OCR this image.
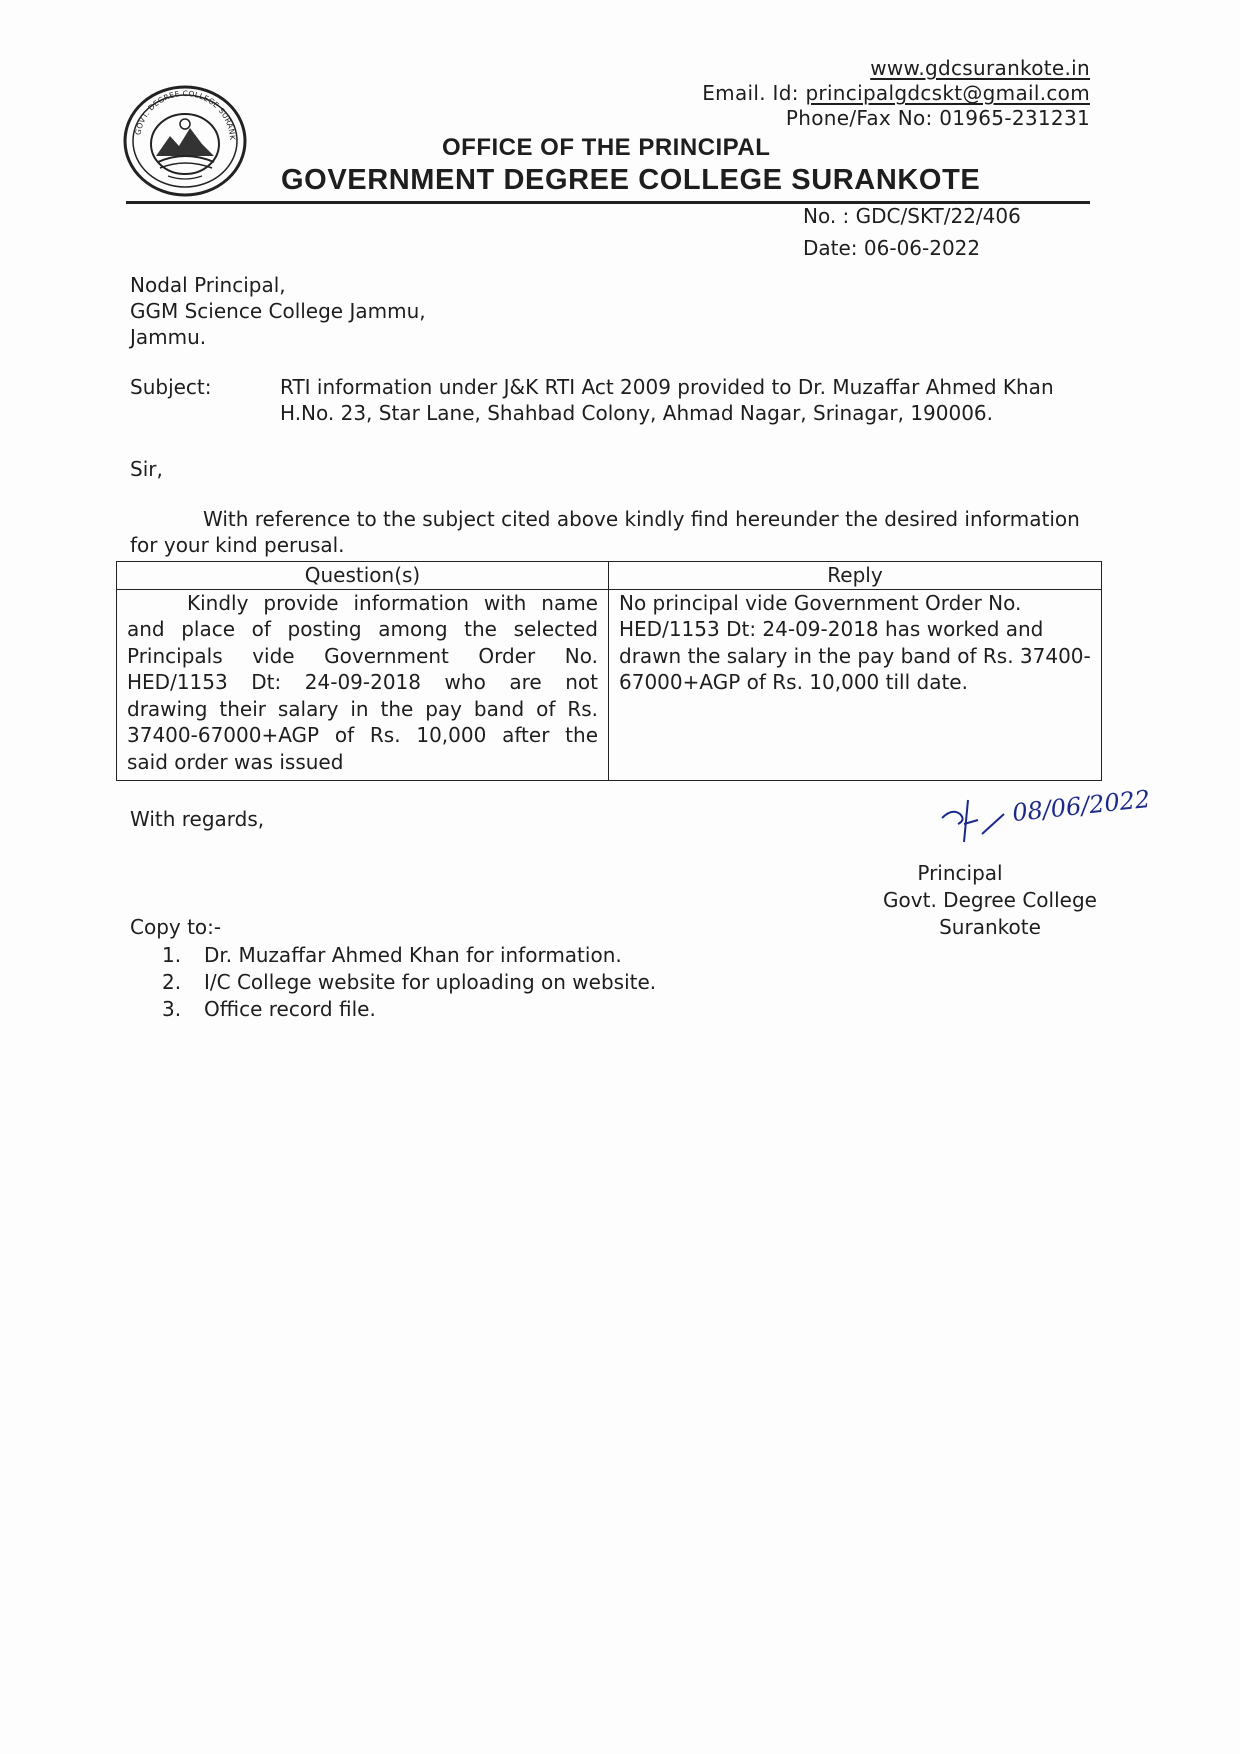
www.gdcsurankote.in
Email. Id: principalgdcskt@gmail.com
Phone/Fax No: 01965-231231
GOVT. DEGREE COLLEGE SURANK	OFFICE OF THE PRINCIPAL
GOVERNMENT DEGREE COLLEGE SURANKOTE
No. : GDC/SKT/22/406
Date: 06-06-2022
Nodal Principal,
GGM Science College Jammu,
Jammu.
Subject:	RTI information under J&K RTI Act 2009 provided to Dr. Muzaffar Ahmed Khan
H.No. 23, Star Lane, Shahbad Colony, Ahmad Nagar, Srinagar, 190006.
Sir,
With reference to the subject cited above kindly find hereunder the desired information
for your kind perusal.
Question(s)	Reply
Kindly provide information with name and place of posting among the selected Principals vide Government Order No. HED/1153 Dt: 24-09-2018 who are not drawing their salary in the pay band of Rs. 37400-67000+AGP of Rs. 10,000 after the said order was issued	No principal vide Government Order No. HED/1153 Dt: 24-09-2018 has worked and drawn the salary in the pay band of Rs. 37400-67000+AGP of Rs. 10,000 till date.
With regards,	08/06/2022
Principal
Govt. Degree College
Surankote
Copy to:-
1. Dr. Muzaffar Ahmed Khan for information.
2. I/C College website for uploading on website.
3. Office record file.
